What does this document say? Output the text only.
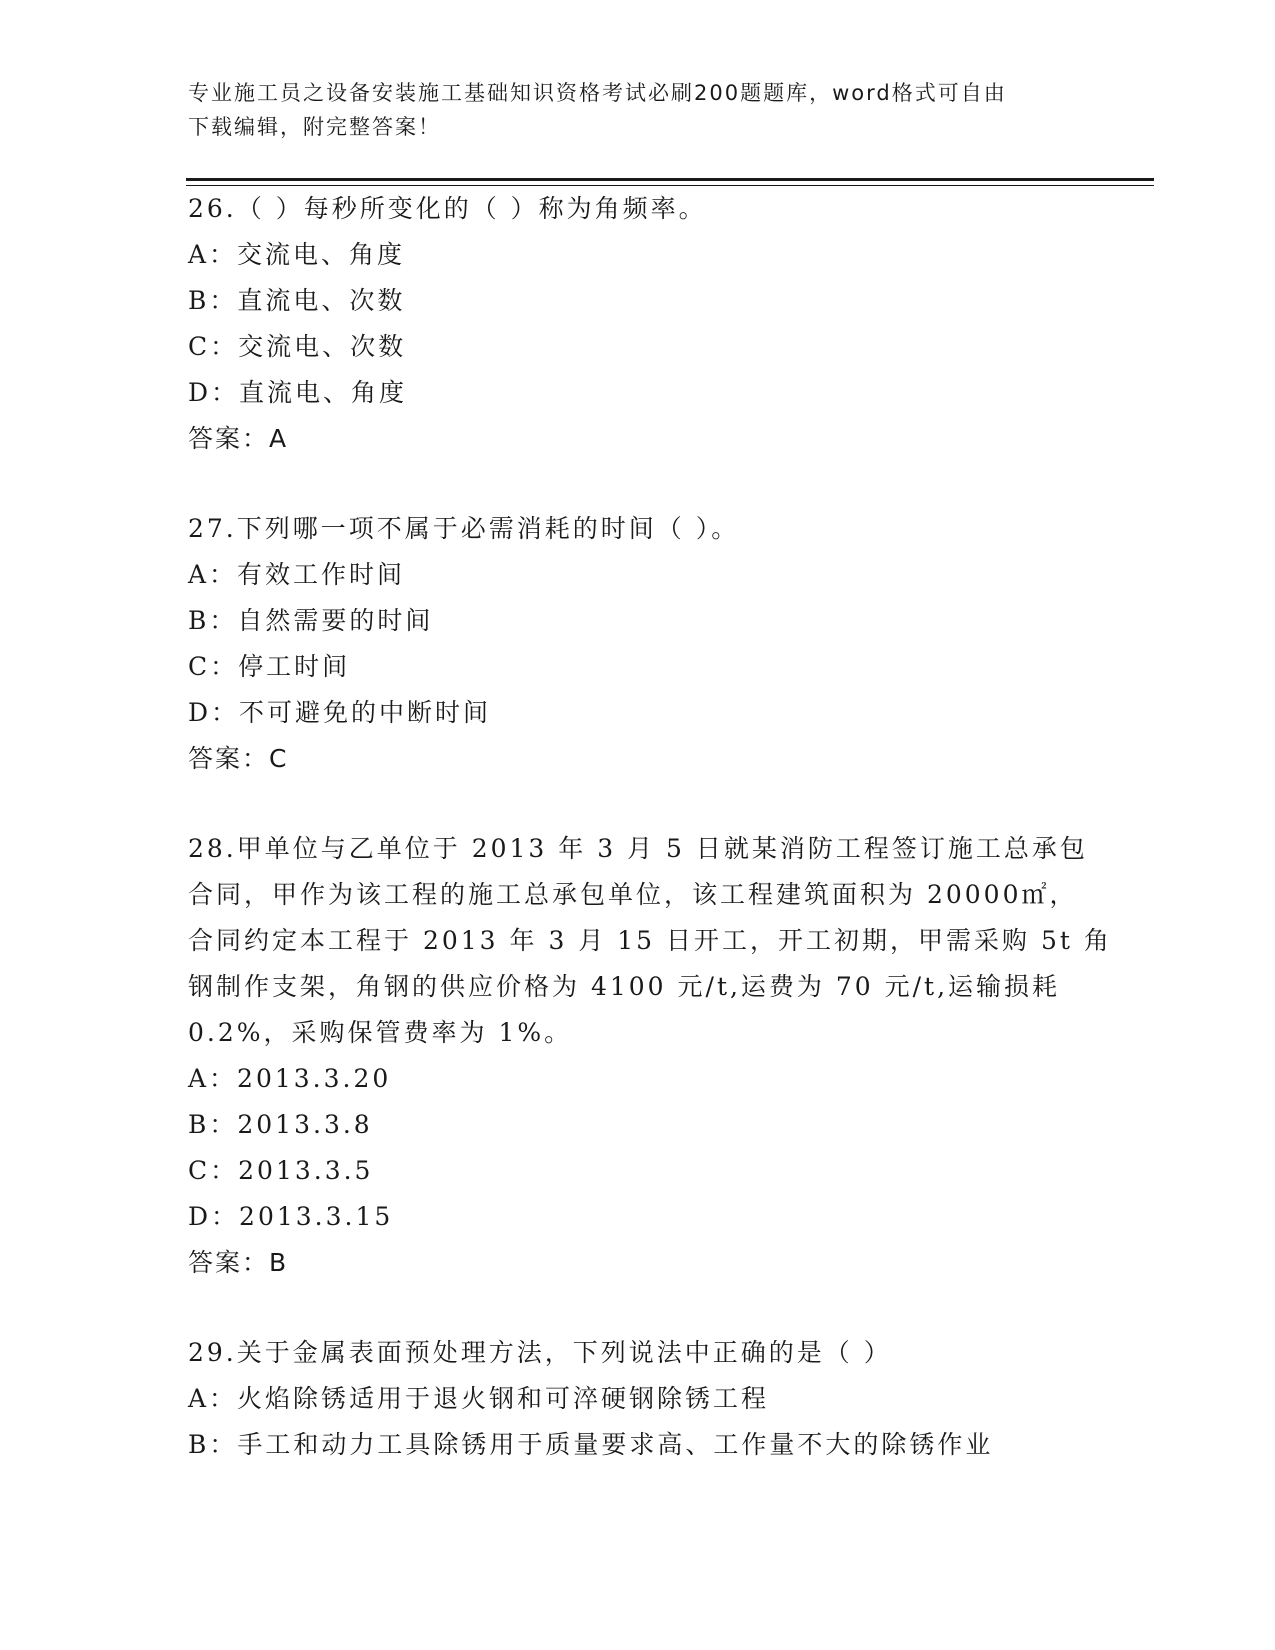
专业施工员之设备安装施工基础知识资格考试必刷200题题库，word格式可自由
下载编辑，附完整答案！
26.（ ）每秒所变化的（ ）称为角频率。
A：交流电、角度
B：直流电、次数
C：交流电、次数
D：直流电、角度
答案：A
27.下列哪一项不属于必需消耗的时间（ ）。
A：有效工作时间
B：自然需要的时间
C：停工时间
D：不可避免的中断时间
答案：C
28.甲单位与乙单位于 2013 年 3 月 5 日就某消防工程签订施工总承包
合同，甲作为该工程的施工总承包单位，该工程建筑面积为 20000㎡，
合同约定本工程于 2013 年 3 月 15 日开工，开工初期，甲需采购 5t 角
钢制作支架，角钢的供应价格为 4100 元/t,运费为 70 元/t,运输损耗
0.2%，采购保管费率为 1%。
A：2013.3.20
B：2013.3.8
C：2013.3.5
D：2013.3.15
答案：B
29.关于金属表面预处理方法，下列说法中正确的是（ ）
A：火焰除锈适用于退火钢和可淬硬钢除锈工程
B：手工和动力工具除锈用于质量要求高、工作量不大的除锈作业
